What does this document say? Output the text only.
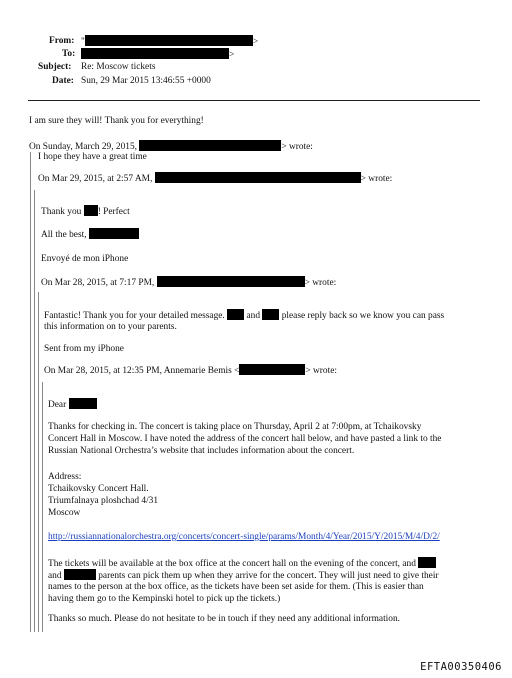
From: "	>
To:	>
Subject: Re: Moscow tickets
Date: Sun, 29 Mar 2015 13:46:55 +0000
I am sure they will! Thank you for everything!
On Sunday, March 29, 2015,	> wrote:
I hope they have a great time
On Mar 29, 2015, at 2:57 AM,	> wrote:
Thank you ! Perfect
All the best,
Envoyé de mon iPhone
On Mar 28, 2015, at 7:17 PM,	> wrote:
Fantastic! Thank you for your detailed message. and please reply back so we know you can pass
this information on to your parents.
Sent from my iPhone
On Mar 28, 2015, at 12:35 PM, Annemarie Bemis <	> wrote:
Dear
Thanks for checking in. The concert is taking place on Thursday, April 2 at 7:00pm, at Tchaikovsky
Concert Hall in Moscow. I have noted the address of the concert hall below, and have pasted a link to the
Russian National Orchestra’s website that includes information about the concert.
Address:
Tchaikovsky Concert Hall.
Triumfalnaya ploshchad 4/31
Moscow
http://russiannationalorchestra.org/concerts/concert-single/params/Month/4/Year/2015/Y/2015/M/4/D/2/
The tickets will be available at the box office at the concert hall on the evening of the concert, and
and	parents can pick them up when they arrive for the concert. They will just need to give their
names to the person at the box office, as the tickets have been set aside for them. (This is easier than
having them go to the Kempinski hotel to pick up the tickets.)
Thanks so much. Please do not hesitate to be in touch if they need any additional information.
EFTA00350406
